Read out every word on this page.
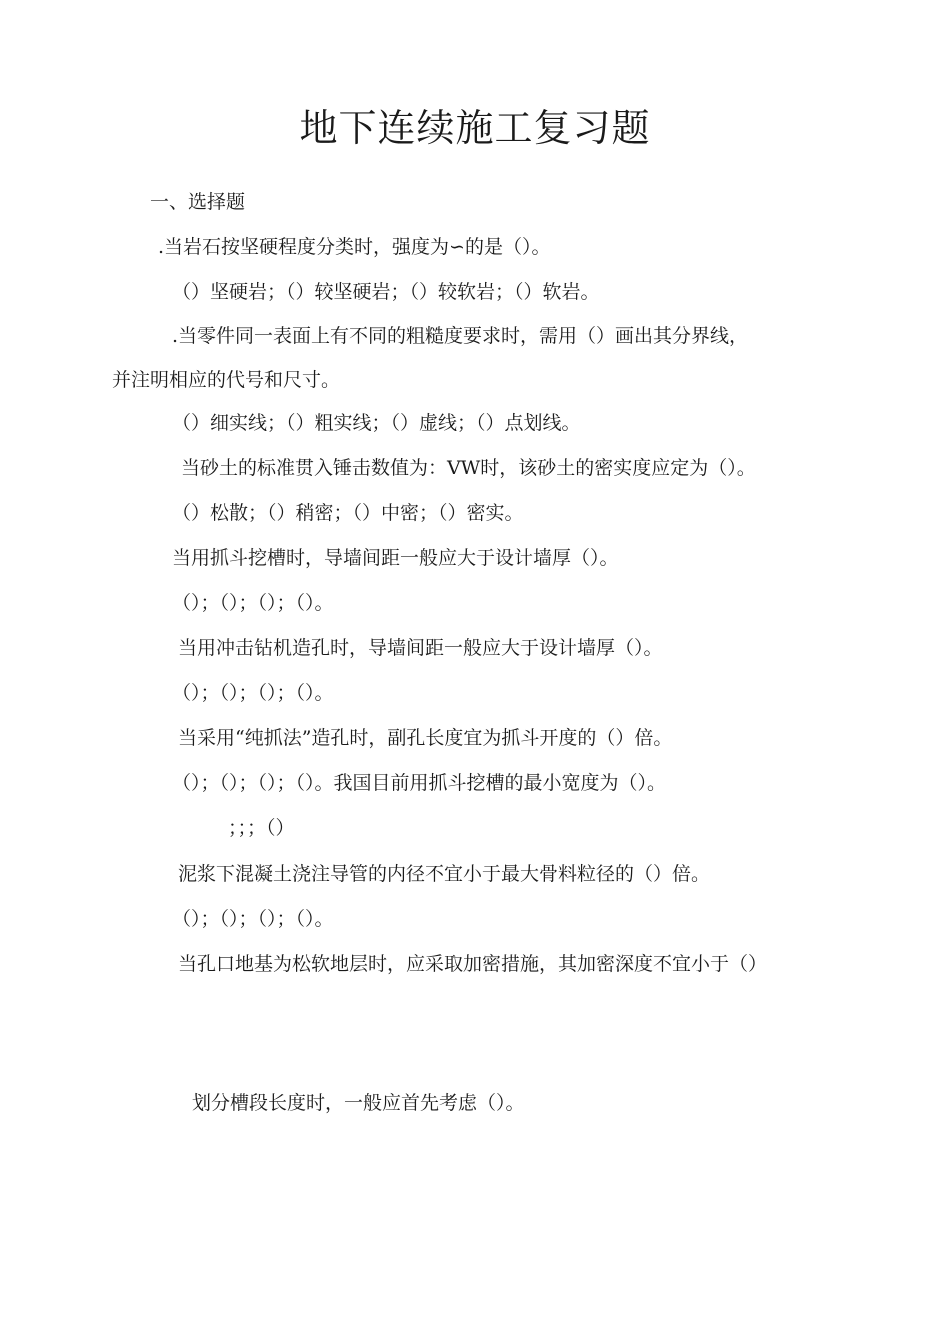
地下连续施工复习题
一、选择题
.当岩石按坚硬程度分类时，强度为∽的是（）。
（）坚硬岩；（）较坚硬岩；（）较软岩；（）软岩。
.当零件同一表面上有不同的粗糙度要求时，需用（）画出其分界线，
并注明相应的代号和尺寸。
（）细实线；（）粗实线；（）虚线；（）点划线。
当砂土的标准贯入锤击数值为：VW时，该砂土的密实度应定为（）。
（）松散；（）稍密；（）中密；（）密实。
当用抓斗挖槽时，导墙间距一般应大于设计墙厚（）。
（）；（）；（）；（）。
当用冲击钻机造孔时，导墙间距一般应大于设计墙厚（）。
（）；（）；（）；（）。
当采用“纯抓法”造孔时，副孔长度宜为抓斗开度的（）倍。
（）；（）；（）；（）。我国目前用抓斗挖槽的最小宽度为（）。
；；；（）
泥浆下混凝土浇注导管的内径不宜小于最大骨料粒径的（）倍。
（）；（）；（）；（）。
当孔口地基为松软地层时，应采取加密措施，其加密深度不宜小于（）
划分槽段长度时，一般应首先考虑（）。
